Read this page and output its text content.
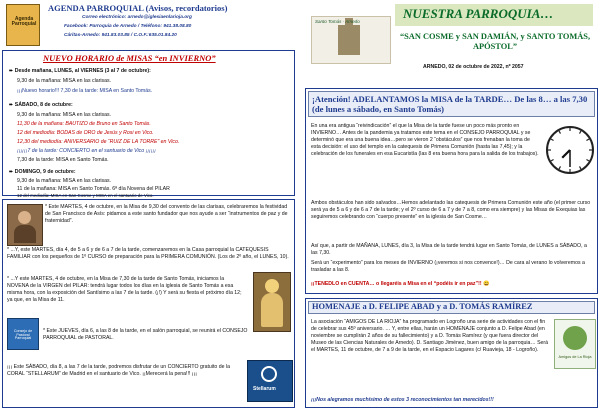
Agenda Parroquial
AGENDA PARROQUIAL (Avisos, recordatorios)
Correo electrónico: arnedo@iglesiaenlarioja.org
Facebook: Parroquia de Arnedo / Teléfono: 941.38.08.80
Cáritas-Arnedo: 941.83.03.85 / C.O.F.:635.01.84.20
NUEVO HORARIO de MISAS “en INVIERNO”
➨ Desde mañana, LUNES, al VIERNES (3 al 7 de octubre):
9,30 de la mañana: MISA en las clarisas.
¡¡¡Nuevo horario!!! 7,30 de la tarde: MISA en Santo Tomás.
➨ SÁBADO, 8 de octubre:
9,30 de la mañana: MISA en las clarisas.
11,30 de la mañana: BAUTIZO de Bruno en Santo Tomás.
12 del mediodía: BODAS de ORO de Jesús y Rosi en Vico.
12,30 del mediodía: ANIVERSARIO de “RUIZ DE LA TORRE” en Vico.
¡¡¡¡¡¡7 de la tarde: CONCIERTO en el santuario de Vico ¡¡¡¡¡¡
7,30 de la tarde: MISA en Santo Tomás.
➨ DOMINGO, 9 de octubre:
9,30 de la mañana: MISA en las clarisas.
11 de la mañana: MISA en Santo Tomás. 6ª día Novena del PILAR
12 del mediodía: MISA en San Cosme y MISA en el santuario de Vico.
* Este MARTES, 4 de octubre, en la Misa de 9,30 del convento de las clarisas, celebraremos la festividad de San Francisco de Asís: pidamos a este santo fundador que nos ayude a ser “instrumentos de paz y de fraternidad”.
* ...Y, este MARTES, día 4, de 5 a 6 y de 6 a 7 de la tarde, comenzaremos en la Casa parroquial la CATEQUESIS FAMILIAR con los pequeños de 1º CURSO de preparación para la PRIMERA COMUNIÓN. (Los de 2º año, el LUNES, 10).
* ...Y este MARTES, 4 de octubre, en la Misa de 7,30 de la tarde de Santo Tomás, iniciamos la NOVENA de la VIRGEN del PILAR: tendrá lugar todos los días en la iglesia de Santo Tomás a esa misma hora, con la exposición del Santísimo a las 7 de la tarde. (¡!) Y será su fiesta el próximo día 12; ya que, en la Misa de 11.
Consejo de Pastoral Parroquial
* Este JUEVES, día 6, a las 8 de la tarde, en el salón parroquial, se reunirá el CONSEJO PARROQUIAL de PASTORAL.
¡¡¡ Este SÁBADO, día 8, a las 7 de la tarde, podremos disfrutar de un CONCIERTO gratuito de la CORAL “STELLARUM” de Madrid en el santuario de Vico. ¡¡Merecerá la pena!!! ¡¡¡
Stellarum
Santo Tomás · Arnedo
NUESTRA PARROQUIA…
“SAN COSME y SAN DAMIÁN, y SANTO TOMÁS, APÓSTOL”
ARNEDO, 02 de octubre de 2022, nº 2057
¡Atención! ADELANTAMOS la MISA de la TARDE… De las 8… a las 7,30 (de lunes a sábado, en Santo Tomás)
En una era antigua “reivindicación” el que la Misa de la tarde fuese un poco más pronto en INVIERNO… Antes de la pandemia ya tratamos este tema en el CONSEJO PARROQUIAL y se determinó que era una buena idea…pero se vieron 2 “obstáculos” que nos frenaban la toma de esta decisión: el uso del templo en la catequesis de Primera Comunión (hasta las 7,45); y la celebración de los funerales en esa Eucaristía (las 8 era buena hora para la salida de los trabajos).
Ambos obstáculos han sido salvados…Hemos adelantado las catequesis de Primera Comunión este año (el primer curso será ya de 5 a 6 y de 6 a 7 de la tarde; y el 2º curso de 6 a 7 y de 7 a 8, como era siempre) y las Misas de Exequias las seguiremos celebrando con “cuerpo presente” en la iglesia de San Cosme…
Así que, a partir de MAÑANA, LUNES, día 3, la Misa de la tarde tendrá lugar en Santo Tomás, de LUNES a SÁBADO, a las 7,30.
Será un “experimento” para los meses de INVIERNO (¡veremos si nos convence!)… De cara al verano lo volveremos a trasladar a las 8.
¡¡TENEDLO en CUENTA… o llegaréis a Misa en el “podéis ir en paz”!! 😀
HOMENAJE a D. FELIPE ABAD y a D. TOMÁS RAMÍREZ
La asociación “AMIGOS DE LA RIOJA” ha programado en Logroño una serie de actividades con el fin de celebrar sus 45º aniversario. … Y, entre ellas, harán un HOMENAJE conjunto a D. Felipe Abad (en noviembre se cumplirán 2 años de su fallecimiento) y a D. Tomás Ramírez (y que fuera director del Museo de las Ciencias Naturales de Arnedo). D. Santiago Jiménez, buen amigo de la parroquia… Será el MARTES, 11 de octubre, de 7 a 9 de la tarde, en el Espacio Lagares (c/ Ruavieja, 18 - Logroño).
¡¡¡Nos alegramos muchísimo de estos 3 reconocimientos tan merecidos!!!
Amigos de La Rioja
